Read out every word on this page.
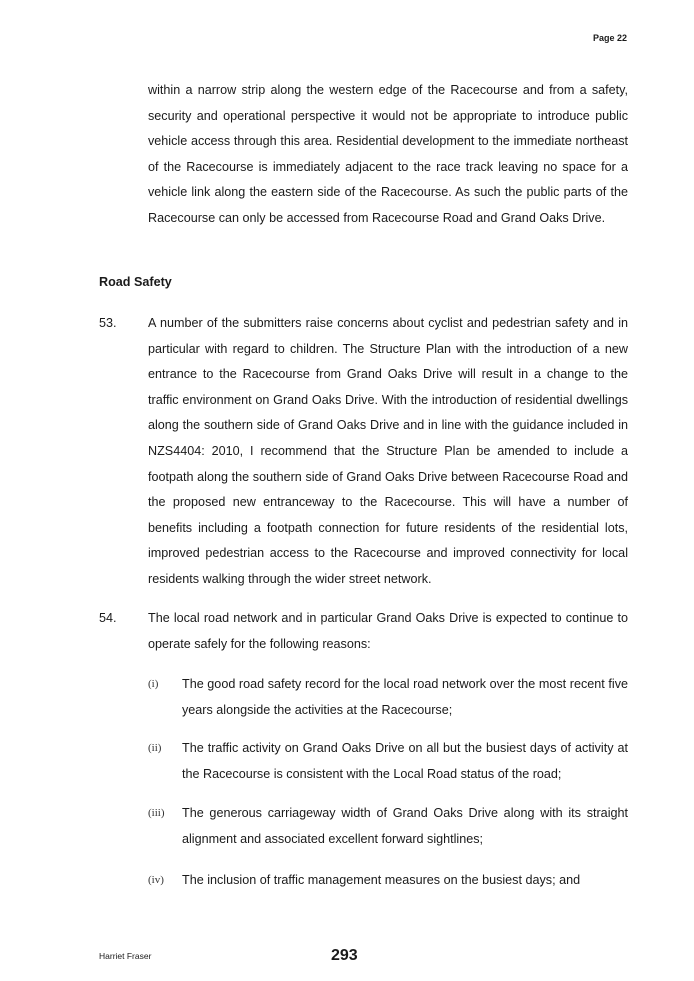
Page 22

within a narrow strip along the western edge of the Racecourse and from a safety, security and operational perspective it would not be appropriate to introduce public vehicle access through this area. Residential development to the immediate northeast of the Racecourse is immediately adjacent to the race track leaving no space for a vehicle link along the eastern side of the Racecourse. As such the public parts of the Racecourse can only be accessed from Racecourse Road and Grand Oaks Drive.

Road Safety
53. A number of the submitters raise concerns about cyclist and pedestrian safety and in particular with regard to children. The Structure Plan with the introduction of a new entrance to the Racecourse from Grand Oaks Drive will result in a change to the traffic environment on Grand Oaks Drive. With the introduction of residential dwellings along the southern side of Grand Oaks Drive and in line with the guidance included in NZS4404: 2010, I recommend that the Structure Plan be amended to include a footpath along the southern side of Grand Oaks Drive between Racecourse Road and the proposed new entranceway to the Racecourse. This will have a number of benefits including a footpath connection for future residents of the residential lots, improved pedestrian access to the Racecourse and improved connectivity for local residents walking through the wider street network.

54. The local road network and in particular Grand Oaks Drive is expected to continue to operate safely for the following reasons:

(i) The good road safety record for the local road network over the most recent five years alongside the activities at the Racecourse;

(ii) The traffic activity on Grand Oaks Drive on all but the busiest days of activity at the Racecourse is consistent with the Local Road status of the road;

(iii) The generous carriageway width of Grand Oaks Drive along with its straight alignment and associated excellent forward sightlines;

(iv) The inclusion of traffic management measures on the busiest days; and

Harriet Fraser	293
